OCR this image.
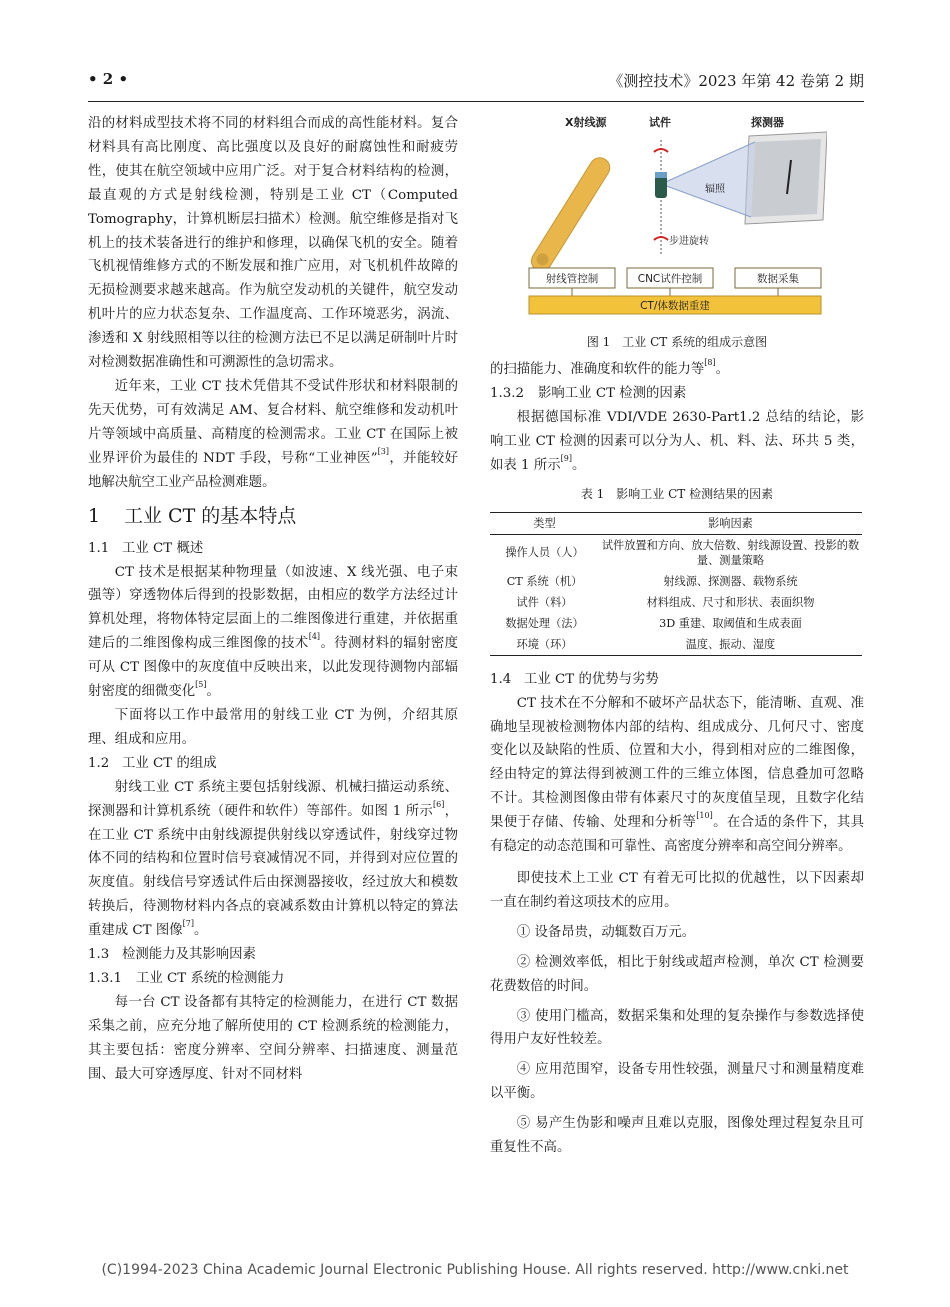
• 2 •	《测控技术》2023 年第 42 卷第 2 期

沿的材料成型技术将不同的材料组合而成的高性能材料。复合材料具有高比刚度、高比强度以及良好的耐腐蚀性和耐疲劳性，使其在航空领域中应用广泛。对于复合材料结构的检测，最直观的方式是射线检测，特别是工业 CT（Computed Tomography，计算机断层扫描术）检测。航空维修是指对飞机上的技术装备进行的维护和修理，以确保飞机的安全。随着飞机视情维修方式的不断发展和推广应用，对飞机机件故障的无损检测要求越来越高。作为航空发动机的关键件，航空发动机叶片的应力状态复杂、工作温度高、工作环境恶劣，涡流、渗透和 X 射线照相等以往的检测方法已不足以满足研制叶片时对检测数据准确性和可溯源性的急切需求。

近年来，工业 CT 技术凭借其不受试件形状和材料限制的先天优势，可有效满足 AM、复合材料、航空维修和发动机叶片等领域中高质量、高精度的检测需求。工业 CT 在国际上被业界评价为最佳的 NDT 手段，号称“工业神医”[3]，并能较好地解决航空工业产品检测难题。

1 工业 CT 的基本特点
1.1 工业 CT 概述

CT 技术是根据某种物理量（如波速、X 线光强、电子束强等）穿透物体后得到的投影数据，由相应的数学方法经过计算机处理，将物体特定层面上的二维图像进行重建，并依据重建后的二维图像构成三维图像的技术[4]。待测材料的辐射密度可从 CT 图像中的灰度值中反映出来，以此发现待测物内部辐射密度的细微变化[5]。

下面将以工作中最常用的射线工业 CT 为例，介绍其原理、组成和应用。

1.2 工业 CT 的组成

射线工业 CT 系统主要包括射线源、机械扫描运动系统、探测器和计算机系统（硬件和软件）等部件。如图 1 所示[6]，在工业 CT 系统中由射线源提供射线以穿透试件，射线穿过物体不同的结构和位置时信号衰减情况不同，并得到对应位置的灰度值。射线信号穿透试件后由探测器接收，经过放大和模数转换后，待测物材料内各点的衰减系数由计算机以特定的算法重建成 CT 图像[7]。

1.3 检测能力及其影响因素
1.3.1 工业 CT 系统的检测能力

每一台 CT 设备都有其特定的检测能力，在进行 CT 数据采集之前，应充分地了解所使用的 CT 检测系统的检测能力，其主要包括：密度分辨率、空间分辨率、扫描速度、测量范围、最大可穿透厚度、针对不同材料

X射线源	试件	探测器
辐照
步进旋转
射线管控制	CNC试件控制	数据采集
CT/体数据重建
图 1　工业 CT 系统的组成示意图

的扫描能力、准确度和软件的能力等[8]。

1.3.2 影响工业 CT 检测的因素

根据德国标准 VDI/VDE 2630-Part1.2 总结的结论，影响工业 CT 检测的因素可以分为人、机、料、法、环共 5 类，如表 1 所示[9]。

表 1　影响工业 CT 检测结果的因素
类型	影响因素
操作人员（人）	试件放置和方向、放大倍数、射线源设置、投影的数量、测量策略
CT 系统（机）	射线源、探测器、载物系统
试件（料）	材料组成、尺寸和形状、表面织物
数据处理（法）	3D 重建、取阈值和生成表面
环境（环）	温度、振动、湿度
1.4 工业 CT 的优势与劣势

CT 技术在不分解和不破坏产品状态下，能清晰、直观、准确地呈现被检测物体内部的结构、组成成分、几何尺寸、密度变化以及缺陷的性质、位置和大小，得到相对应的二维图像，经由特定的算法得到被测工件的三维立体图，信息叠加可忽略不计。其检测图像由带有体素尺寸的灰度值呈现，且数字化结果便于存储、传输、处理和分析等[10]。在合适的条件下，其具有稳定的动态范围和可靠性、高密度分辨率和高空间分辨率。

即使技术上工业 CT 有着无可比拟的优越性，以下因素却一直在制约着这项技术的应用。

① 设备昂贵，动辄数百万元。

② 检测效率低，相比于射线或超声检测，单次 CT 检测要花费数倍的时间。

③ 使用门槛高，数据采集和处理的复杂操作与参数选择使得用户友好性较差。

④ 应用范围窄，设备专用性较强，测量尺寸和测量精度难以平衡。

⑤ 易产生伪影和噪声且难以克服，图像处理过程复杂且可重复性不高。

(C)1994-2023 China Academic Journal Electronic Publishing House. All rights reserved. http://www.cnki.net
